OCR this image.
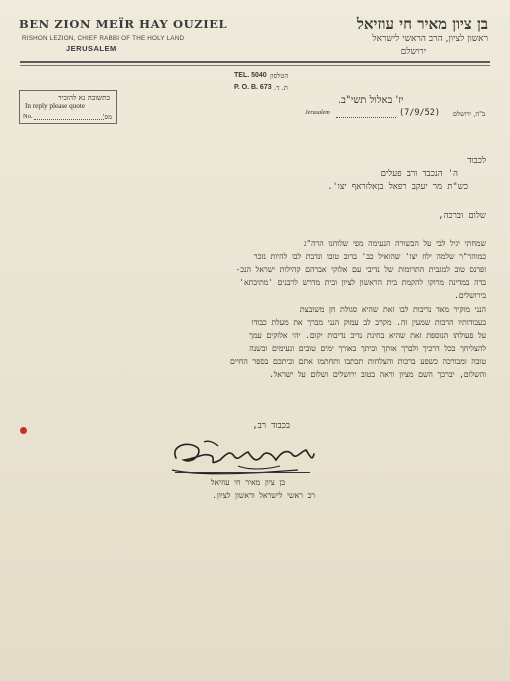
BEN ZION MEÏR HAY OUZIEL
RISHON LEZION, CHIEF RABBI OF THE HOLY LAND
JERUSALEM
בן ציון מאיר חי עוזיאל
ראשון לציון, הרב הראשי לישראל
ירושלם
TEL. 5040 הטלפון
P. O. B. 673 ת. ד.
בתשובה נא להזכיר
In reply please quote
No.	מס'
יז' באלול תשי"ב.
Jerusalem	(7/9/52) ב"ה, ירושלם
לכבוד
ה' הנכבד ורב פעלים
כש"ת מר יעקב רפאל בןאלזראף יצו'.
שלום וברכה,
שמחתי יגיל לבי על הבשורה הנעימה מפי שלוחנו הרה"ג
כמוהר"ר שלמה ילוז יצו' שהואיל כב' ברוב טובו ונדבת לבו להיות נזכר
ופרנס טוב למגבית התרומות של נדיבי עם אלוקי אברהם קהילות ישראל הנכ-
בדה במדינה מרוקו להקמת בית הראשון לציון ובית מדרש לרבנים 'מתיבתא'
בירושלים.
הנני מוקיר מאד נדיבות לבו זאת שהיא סגולת חן משובצת
בעבודותיו הרבות שמעין זה. מקרב לב עמוק הנני מברך את מעלת כבודו
על פעולתו הנוספת זאת שהיא בחינת נדיב נדיבות יקום. יהי אלוקים עמך
להצליחך בכל דרכיך ולברך אותך וביתך באורך ימים טובים ונעימים ובשנה
טובה ומבורכה כשפע ברכות והצלחות תכתבו ותחתמו אתם וביתכם בספר החיים
והשלום, יברכך השם מציון וראה בטוב ירושלים ושלום על ישראל.
בכבוד רב,
בן ציון מאיר חי עוזיאל
רב ראשי לישראל וראשון לציון.
